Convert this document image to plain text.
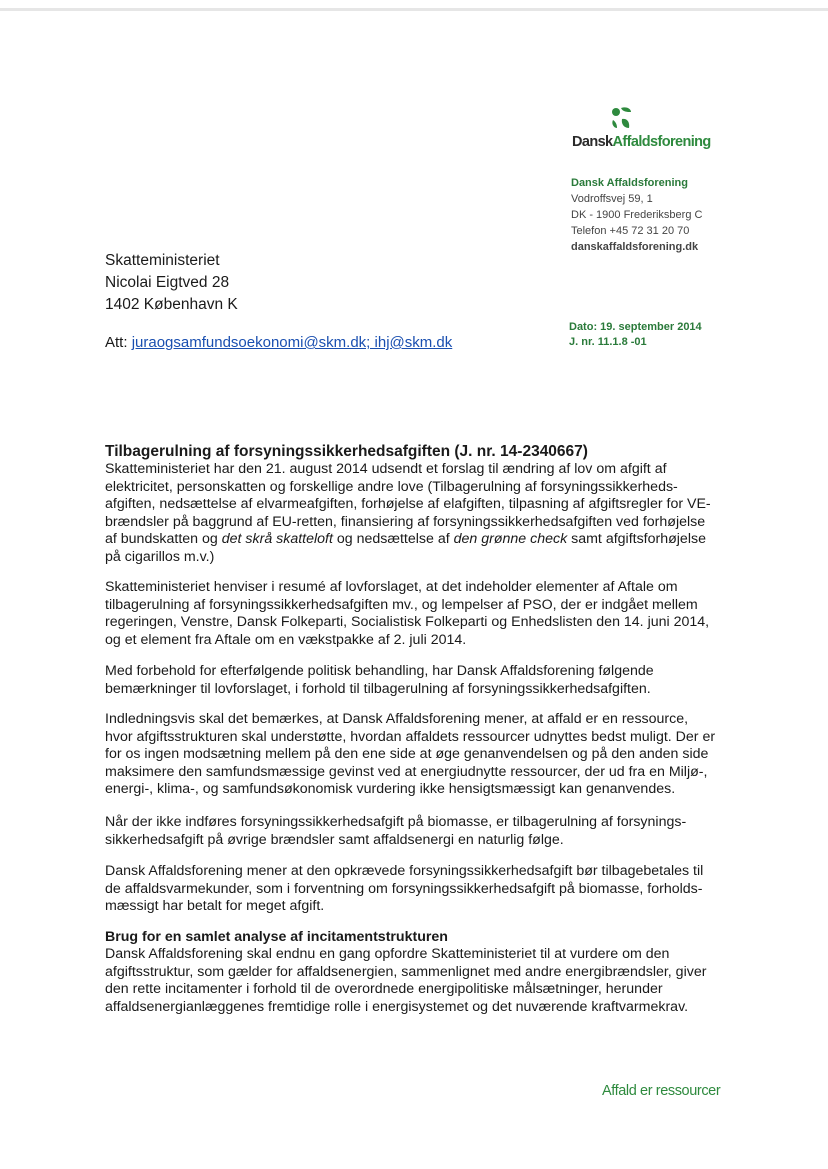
DanskAffaldsforening
Dansk Affaldsforening
Vodroffsvej 59, 1
DK - 1900 Frederiksberg C
Telefon +45 72 31 20 70
danskaffaldsforening.dk
Skatteministeriet
Nicolai Eigtved 28
1402 København K
Att: juraogsamfundsoekonomi@skm.dk; ihj@skm.dk
Dato: 19. september 2014
J. nr. 11.1.8 -01
Tilbagerulning af forsyningssikkerhedsafgiften (J. nr. 14-2340667)
Skatteministeriet har den 21. august 2014 udsendt et forslag til ændring af lov om afgift af
elektricitet, personskatten og forskellige andre love (Tilbagerulning af forsyningssikkerheds-
afgiften, nedsættelse af elvarmeafgiften, forhøjelse af elafgiften, tilpasning af afgiftsregler for VE-
brændsler på baggrund af EU-retten, finansiering af forsyningssikkerhedsafgiften ved forhøjelse
af bundskatten og det skrå skatteloft og nedsættelse af den grønne check samt afgiftsforhøjelse
på cigarillos m.v.)
Skatteministeriet henviser i resumé af lovforslaget, at det indeholder elementer af Aftale om
tilbagerulning af forsyningssikkerhedsafgiften mv., og lempelser af PSO, der er indgået mellem
regeringen, Venstre, Dansk Folkeparti, Socialistisk Folkeparti og Enhedslisten den 14. juni 2014,
og et element fra Aftale om en vækstpakke af 2. juli 2014.
Med forbehold for efterfølgende politisk behandling, har Dansk Affaldsforening følgende
bemærkninger til lovforslaget, i forhold til tilbagerulning af forsyningssikkerhedsafgiften.
Indledningsvis skal det bemærkes, at Dansk Affaldsforening mener, at affald er en ressource,
hvor afgiftsstrukturen skal understøtte, hvordan affaldets ressourcer udnyttes bedst muligt. Der er
for os ingen modsætning mellem på den ene side at øge genanvendelsen og på den anden side
maksimere den samfundsmæssige gevinst ved at energiudnytte ressourcer, der ud fra en Miljø-,
energi-, klima-, og samfundsøkonomisk vurdering ikke hensigtsmæssigt kan genanvendes.
Når der ikke indføres forsyningssikkerhedsafgift på biomasse, er tilbagerulning af forsynings-
sikkerhedsafgift på øvrige brændsler samt affaldsenergi en naturlig følge.
Dansk Affaldsforening mener at den opkrævede forsyningssikkerhedsafgift bør tilbagebetales til
de affaldsvarmekunder, som i forventning om forsyningssikkerhedsafgift på biomasse, forholds-
mæssigt har betalt for meget afgift.
Brug for en samlet analyse af incitamentstrukturen
Dansk Affaldsforening skal endnu en gang opfordre Skatteministeriet til at vurdere om den
afgiftsstruktur, som gælder for affaldsenergien, sammenlignet med andre energibrændsler, giver
den rette incitamenter i forhold til de overordnede energipolitiske målsætninger, herunder
affaldsenergianlæggenes fremtidige rolle i energisystemet og det nuværende kraftvarmekrav.
Affald er ressourcer
